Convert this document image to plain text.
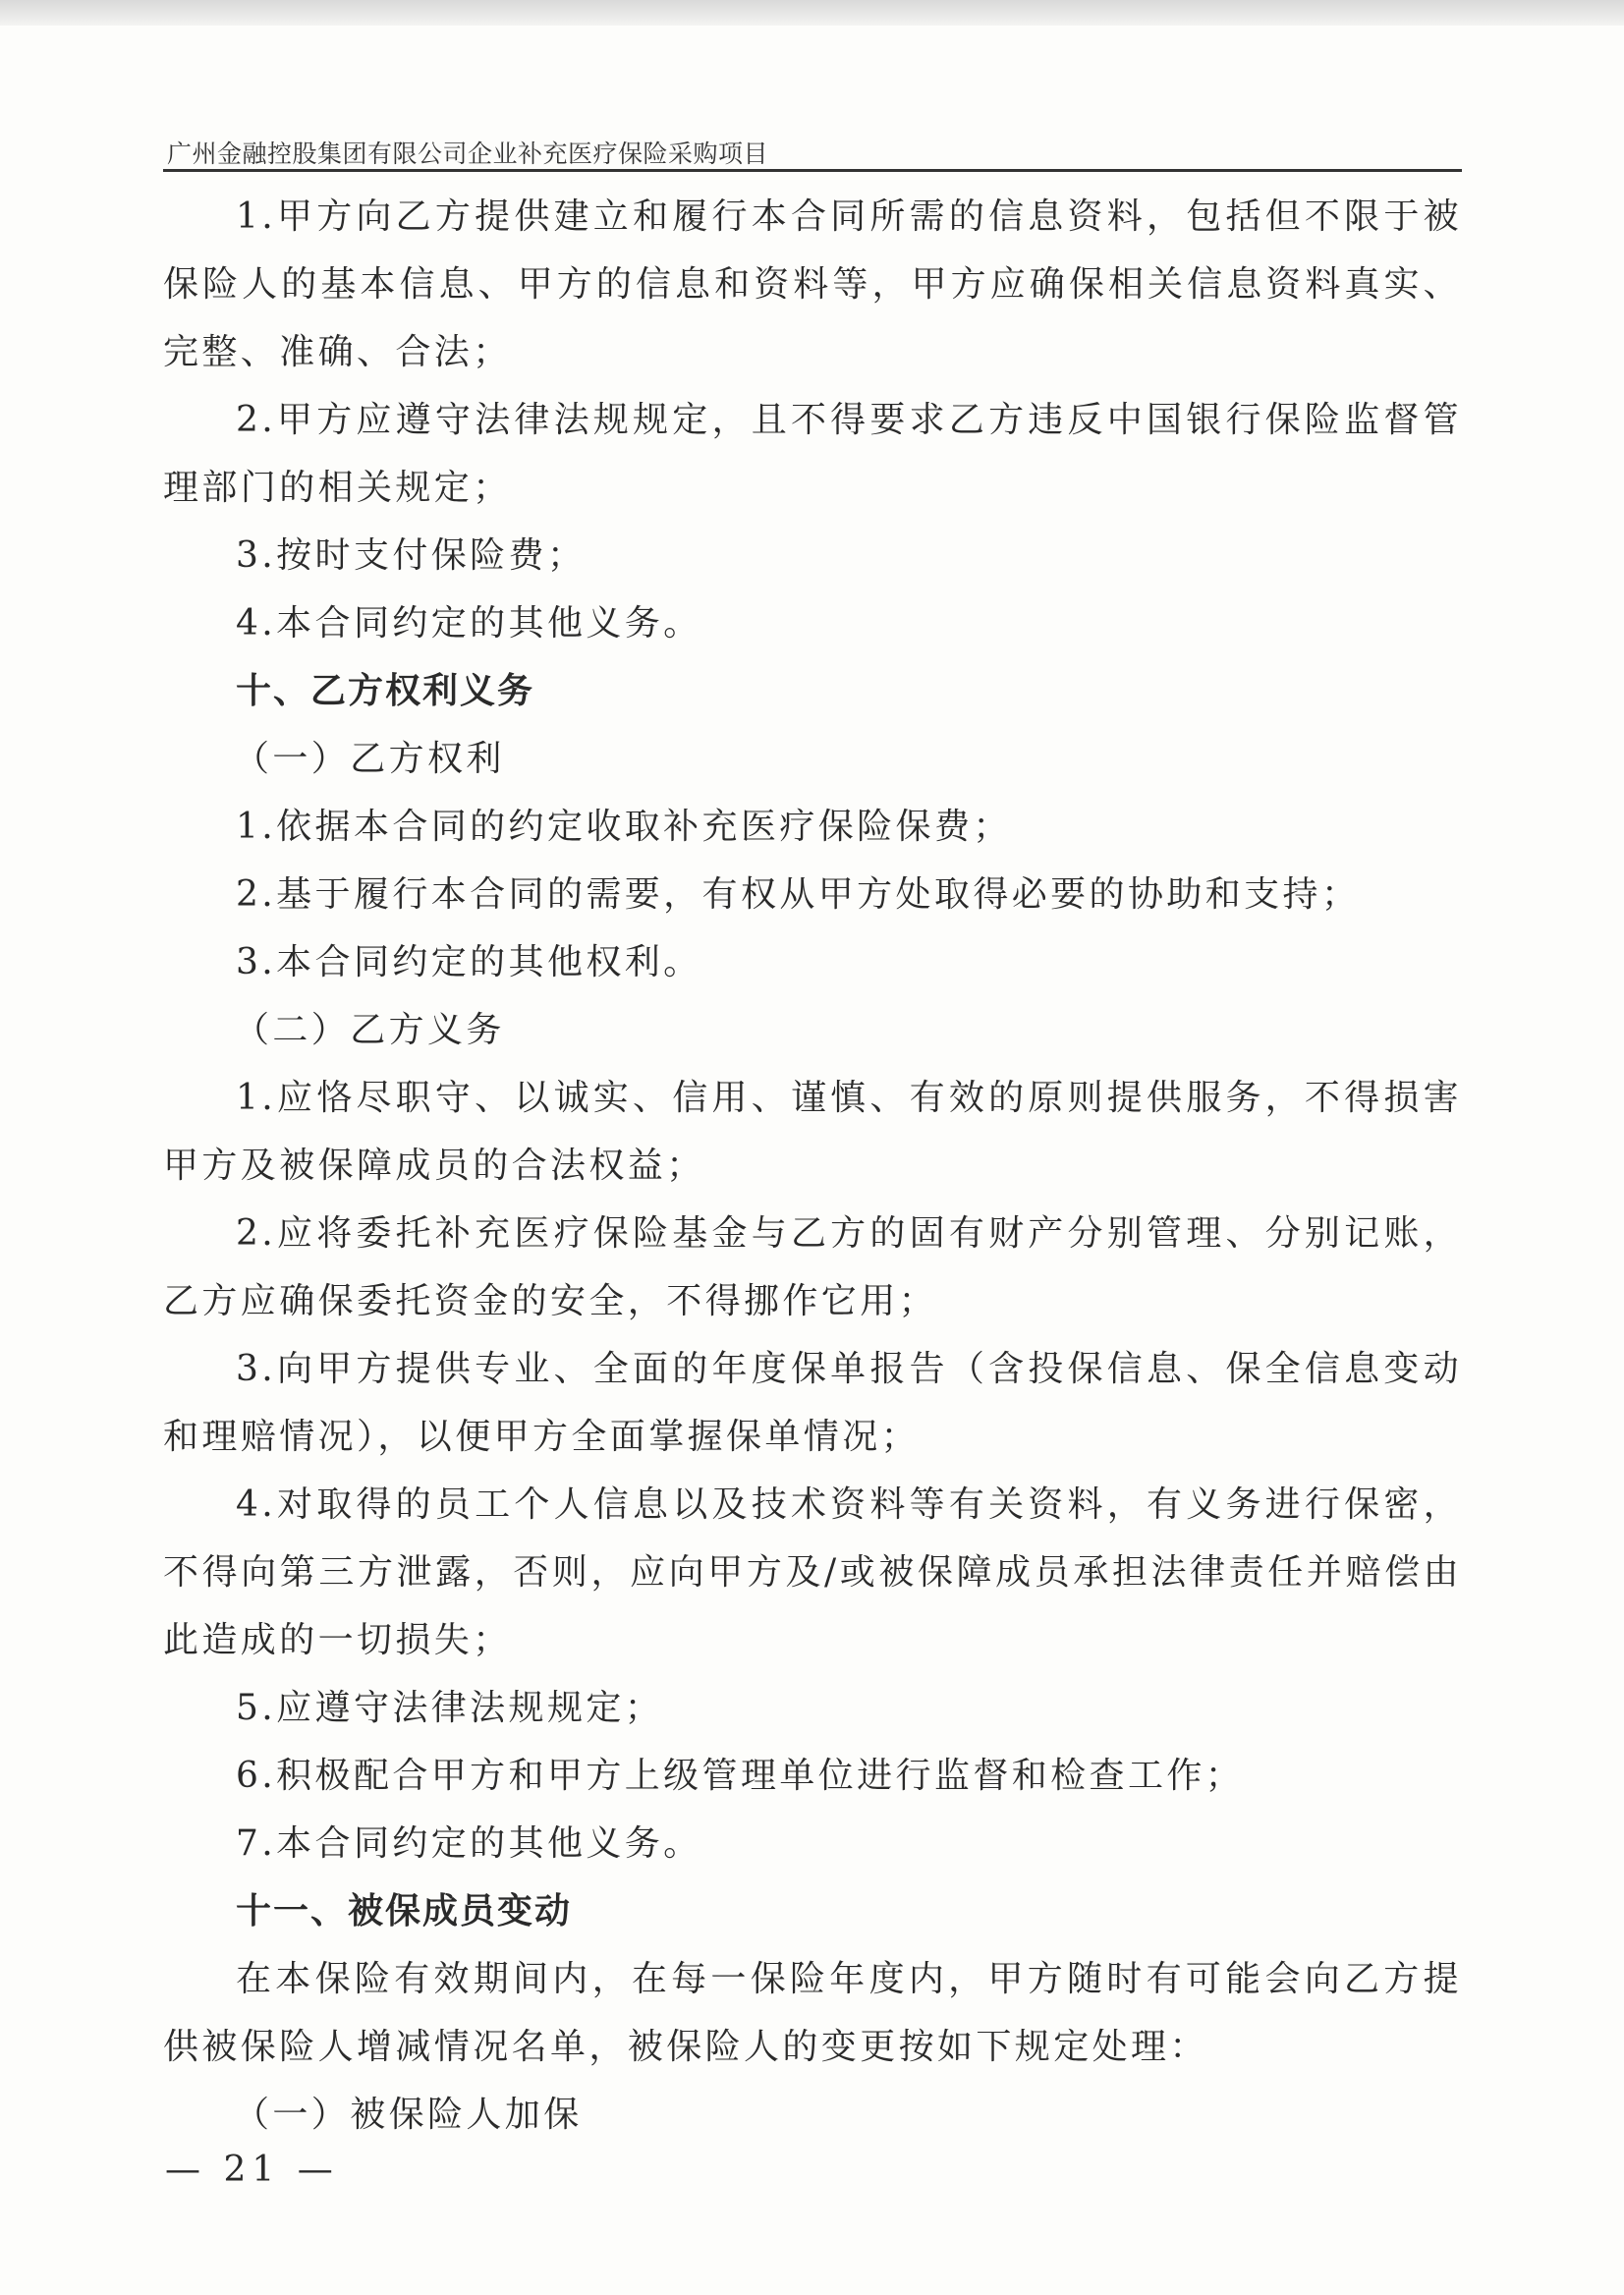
广州金融控股集团有限公司企业补充医疗保险采购项目

1.甲方向乙方提供建立和履行本合同所需的信息资料，包括但不限于被保险人的基本信息、甲方的信息和资料等，甲方应确保相关信息资料真实、完整、准确、合法；

2.甲方应遵守法律法规规定，且不得要求乙方违反中国银行保险监督管理部门的相关规定；

3.按时支付保险费；

4.本合同约定的其他义务。

十、乙方权利义务

（一）乙方权利

1.依据本合同的约定收取补充医疗保险保费；

2.基于履行本合同的需要，有权从甲方处取得必要的协助和支持；

3.本合同约定的其他权利。

（二）乙方义务

1.应恪尽职守、以诚实、信用、谨慎、有效的原则提供服务，不得损害甲方及被保障成员的合法权益；

2.应将委托补充医疗保险基金与乙方的固有财产分别管理、分别记账，乙方应确保委托资金的安全，不得挪作它用；

3.向甲方提供专业、全面的年度保单报告（含投保信息、保全信息变动和理赔情况），以便甲方全面掌握保单情况；

4.对取得的员工个人信息以及技术资料等有关资料，有义务进行保密，不得向第三方泄露，否则，应向甲方及/或被保障成员承担法律责任并赔偿由此造成的一切损失；

5.应遵守法律法规规定；

6.积极配合甲方和甲方上级管理单位进行监督和检查工作；

7.本合同约定的其他义务。

十一、被保成员变动

在本保险有效期间内，在每一保险年度内，甲方随时有可能会向乙方提供被保险人增减情况名单，被保险人的变更按如下规定处理：

（一）被保险人加保

— 21 —
